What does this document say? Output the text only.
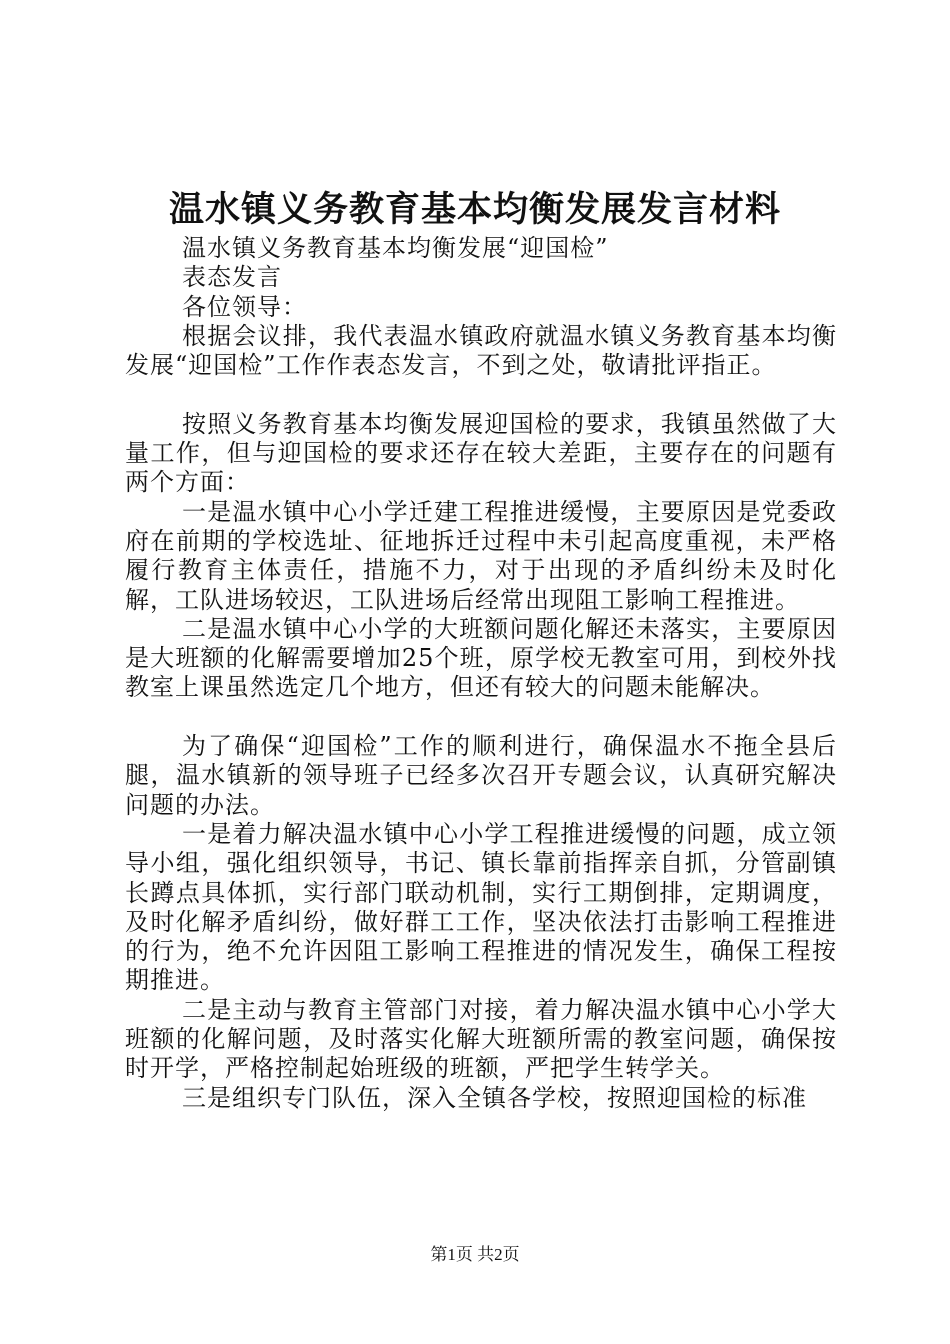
温水镇义务教育基本均衡发展发言材料

温水镇义务教育基本均衡发展“迎国检”

表态发言

各位领导：

根据会议排，我代表温水镇政府就温水镇义务教育基本均衡发展“迎国检”工作作表态发言，不到之处，敬请批评指正。

按照义务教育基本均衡发展迎国检的要求，我镇虽然做了大量工作，但与迎国检的要求还存在较大差距，主要存在的问题有两个方面：

一是温水镇中心小学迁建工程推进缓慢，主要原因是党委政府在前期的学校选址、征地拆迁过程中未引起高度重视，未严格履行教育主体责任，措施不力，对于出现的矛盾纠纷未及时化解，工队进场较迟，工队进场后经常出现阻工影响工程推进。

二是温水镇中心小学的大班额问题化解还未落实，主要原因是大班额的化解需要增加25个班，原学校无教室可用，到校外找教室上课虽然选定几个地方，但还有较大的问题未能解决。

为了确保“迎国检”工作的顺利进行，确保温水不拖全县后腿，温水镇新的领导班子已经多次召开专题会议，认真研究解决问题的办法。

一是着力解决温水镇中心小学工程推进缓慢的问题，成立领导小组，强化组织领导，书记、镇长靠前指挥亲自抓，分管副镇长蹲点具体抓，实行部门联动机制，实行工期倒排，定期调度，及时化解矛盾纠纷，做好群工工作，坚决依法打击影响工程推进的行为，绝不允许因阻工影响工程推进的情况发生，确保工程按期推进。

二是主动与教育主管部门对接，着力解决温水镇中心小学大班额的化解问题，及时落实化解大班额所需的教室问题，确保按时开学，严格控制起始班级的班额，严把学生转学关。

三是组织专门队伍，深入全镇各学校，按照迎国检的标准

第1页 共2页
